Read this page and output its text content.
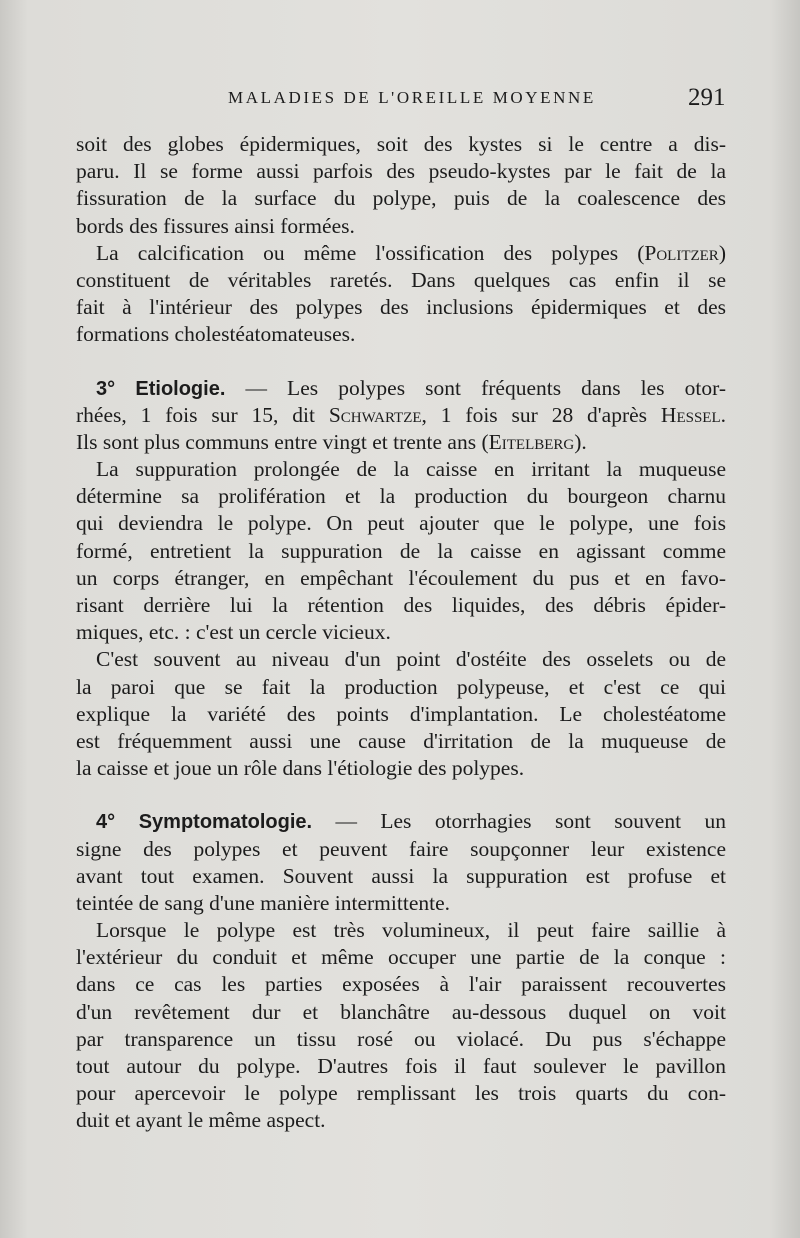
MALADIES DE L'OREILLE MOYENNE	291
soit des globes épidermiques, soit des kystes si le centre a dis-
paru. Il se forme aussi parfois des pseudo-kystes par le fait de la
fissuration de la surface du polype, puis de la coalescence des
bords des fissures ainsi formées.
La calcification ou même l'ossification des polypes (Politzer)
constituent de véritables raretés. Dans quelques cas enfin il se
fait à l'intérieur des polypes des inclusions épidermiques et des
formations cholestéatomateuses.
3° Etiologie. — Les polypes sont fréquents dans les otor-
rhées, 1 fois sur 15, dit Schwartze, 1 fois sur 28 d'après Hessel.
Ils sont plus communs entre vingt et trente ans (Eitelberg).
La suppuration prolongée de la caisse en irritant la muqueuse
détermine sa prolifération et la production du bourgeon charnu
qui deviendra le polype. On peut ajouter que le polype, une fois
formé, entretient la suppuration de la caisse en agissant comme
un corps étranger, en empêchant l'écoulement du pus et en favo-
risant derrière lui la rétention des liquides, des débris épider-
miques, etc. : c'est un cercle vicieux.
C'est souvent au niveau d'un point d'ostéite des osselets ou de
la paroi que se fait la production polypeuse, et c'est ce qui
explique la variété des points d'implantation. Le cholestéatome
est fréquemment aussi une cause d'irritation de la muqueuse de
la caisse et joue un rôle dans l'étiologie des polypes.
4° Symptomatologie. — Les otorrhagies sont souvent un
signe des polypes et peuvent faire soupçonner leur existence
avant tout examen. Souvent aussi la suppuration est profuse et
teintée de sang d'une manière intermittente.
Lorsque le polype est très volumineux, il peut faire saillie à
l'extérieur du conduit et même occuper une partie de la conque :
dans ce cas les parties exposées à l'air paraissent recouvertes
d'un revêtement dur et blanchâtre au-dessous duquel on voit
par transparence un tissu rosé ou violacé. Du pus s'échappe
tout autour du polype. D'autres fois il faut soulever le pavillon
pour apercevoir le polype remplissant les trois quarts du con-
duit et ayant le même aspect.
